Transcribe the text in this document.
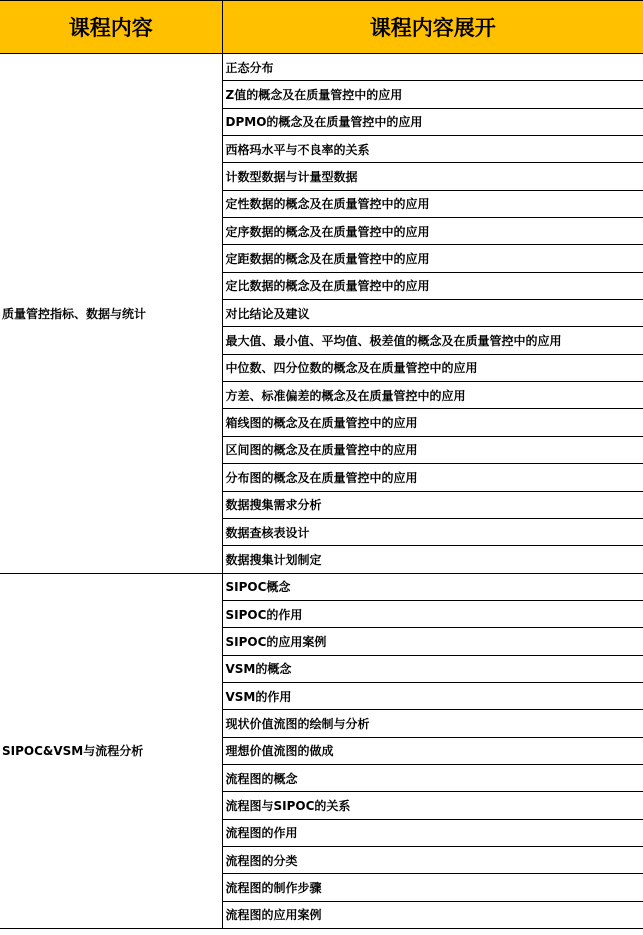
课程内容	课程内容展开
质量管控指标、数据与统计	正态分布
	Z值的概念及在质量管控中的应用
	DPMO的概念及在质量管控中的应用
	西格玛水平与不良率的关系
	计数型数据与计量型数据
	定性数据的概念及在质量管控中的应用
	定序数据的概念及在质量管控中的应用
	定距数据的概念及在质量管控中的应用
	定比数据的概念及在质量管控中的应用
	对比结论及建议
	最大值、最小值、平均值、极差值的概念及在质量管控中的应用
	中位数、四分位数的概念及在质量管控中的应用
	方差、标准偏差的概念及在质量管控中的应用
	箱线图的概念及在质量管控中的应用
	区间图的概念及在质量管控中的应用
	分布图的概念及在质量管控中的应用
	数据搜集需求分析
	数据查核表设计
	数据搜集计划制定
SIPOC&VSM与流程分析	SIPOC概念
	SIPOC的作用
	SIPOC的应用案例
	VSM的概念
	VSM的作用
	现状价值流图的绘制与分析
	理想价值流图的做成
	流程图的概念
	流程图与SIPOC的关系
	流程图的作用
	流程图的分类
	流程图的制作步骤
	流程图的应用案例
